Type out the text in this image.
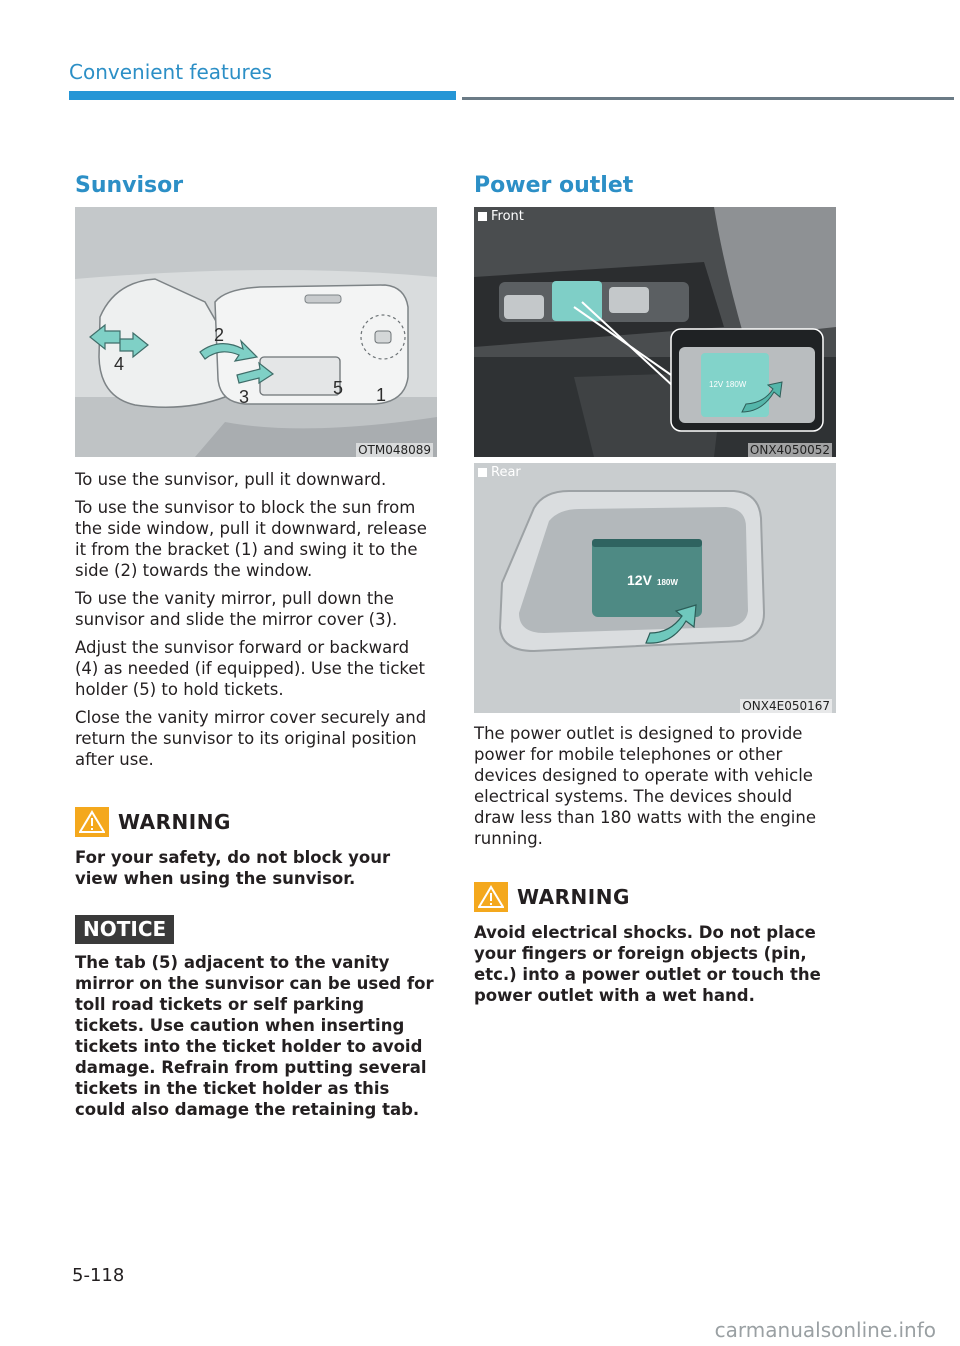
Convenient features
Sunvisor
2
4
3	5 1
OTM048089

To use the sunvisor, pull it downward.

To use the sunvisor to block the sun from the side window, pull it downward, release it from the bracket (1) and swing it to the side (2) towards the window.

To use the vanity mirror, pull down the sunvisor and slide the mirror cover (3).

Adjust the sunvisor forward or backward (4) as needed (if equipped). Use the ticket holder (5) to hold tickets.

Close the vanity mirror cover securely and return the sunvisor to its original position after use.

WARNING

For your safety, do not block your view when using the sunvisor.

NOTICE

The tab (5) adjacent to the vanity mirror on the sunvisor can be used for toll road tickets or self parking tickets. Use caution when inserting tickets into the ticket holder to avoid damage. Refrain from putting several tickets in the ticket holder as this could also damage the retaining tab.

Power outlet
12V 180W
Front
ONX4050052
12V 180W
Rear
ONX4E050167

The power outlet is designed to provide power for mobile telephones or other devices designed to operate with vehicle electrical systems. The devices should draw less than 180 watts with the engine running.

WARNING

Avoid electrical shocks. Do not place your fingers or foreign objects (pin, etc.) into a power outlet or touch the power outlet with a wet hand.

5-118
carmanualsonline.info
